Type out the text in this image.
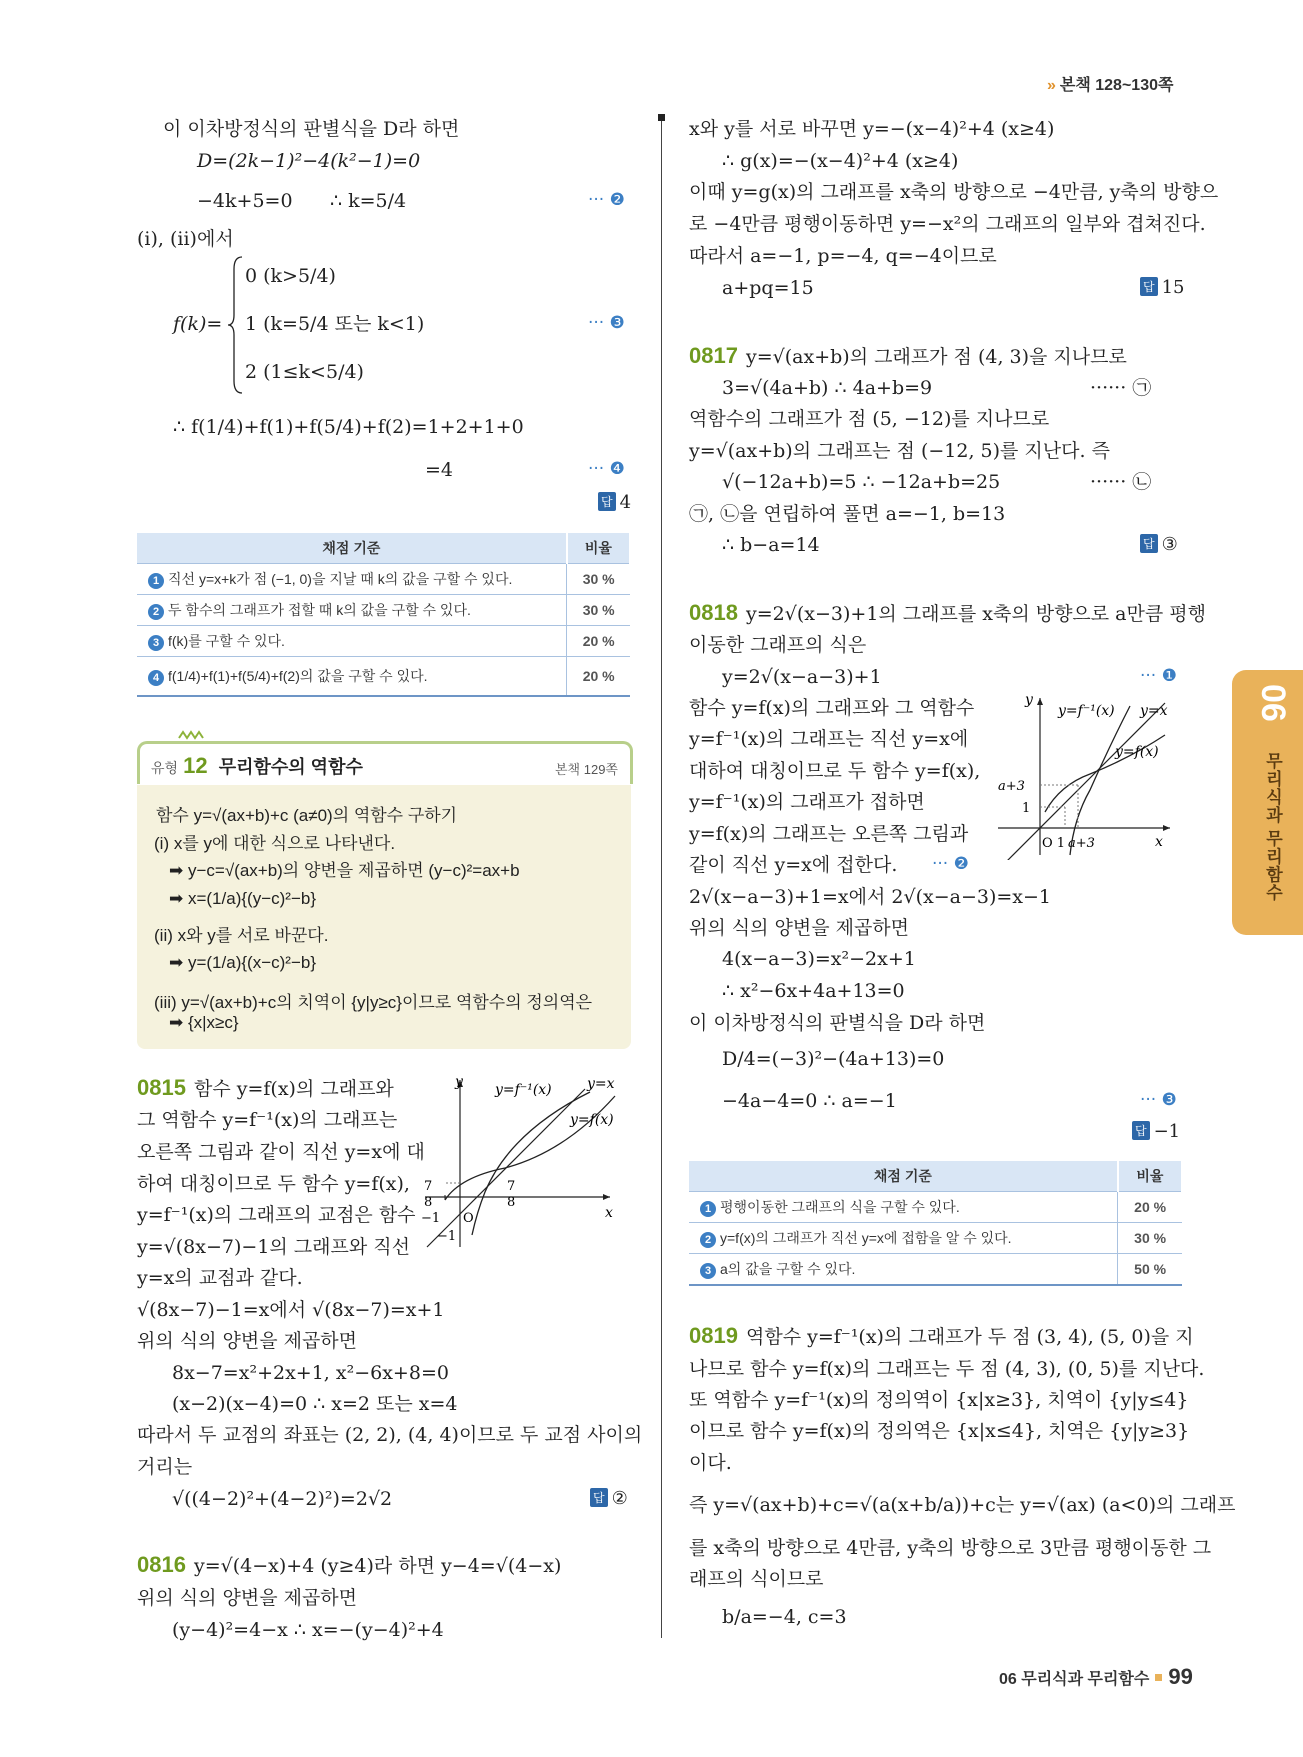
» 본책 128~130쪽
06
무리식과 무리함수
이 이차방정식의 판별식을 D라 하면
D=(2k−1)²−4(k²−1)=0
−4k+5=0 ∴ k=5/4	··· ❷
(i), (ii)에서
f(k)=
0 (k>5/4)
1 (k=5/4 또는 k<1)
2 (1≤k<5/4)
··· ❸
∴ f(1/4)+f(1)+f(5/4)+f(2)=1+2+1+0
=4	··· ❹
답 4
채점 기준	비율
1 직선 y=x+k가 점 (−1, 0)을 지날 때 k의 값을 구할 수 있다.	30 %
2 두 함수의 그래프가 접할 때 k의 값을 구할 수 있다.	30 %
3 f(k)를 구할 수 있다.	20 %
4 f(1/4)+f(1)+f(5/4)+f(2)의 값을 구할 수 있다.	20 %
유형 12 무리함수의 역함수	본책 129쪽
함수 y=√(ax+b)+c (a≠0)의 역함수 구하기
(i) x를 y에 대한 식으로 나타낸다.
➡ y−c=√(ax+b)의 양변을 제곱하면 (y−c)²=ax+b
➡ x=(1/a){(y−c)²−b}
(ii) x와 y를 서로 바꾼다.
➡ y=(1/a){(x−c)²−b}
(iii) y=√(ax+b)+c의 치역이 {y|y≥c}이므로 역함수의 정의역은
➡ {x|x≥c}
0815 함수 y=f(x)의 그래프와
그 역함수 y=f⁻¹(x)의 그래프는
오른쪽 그림과 같이 직선 y=x에 대
하여 대칭이므로 두 함수 y=f(x),
y=f⁻¹(x)의 그래프의 교점은 함수
y=√(8x−7)−1의 그래프와 직선
y=x의 교점과 같다.
√(8x−7)−1=x에서 √(8x−7)=x+1
위의 식의 양변을 제곱하면
8x−7=x²+2x+1, x²−6x+8=0
(x−2)(x−4)=0 ∴ x=2 또는 x=4
따라서 두 교점의 좌표는 (2, 2), (4, 4)이므로 두 교점 사이의
거리는
√((4−2)²+(4−2)²)=2√2	답 ②
y
x
y=f⁻¹(x)	y=x
y=f(x)
7
8
−1 O
7
8
−1
0816 y=√(4−x)+4 (y≥4)라 하면 y−4=√(4−x)
위의 식의 양변을 제곱하면
(y−4)²=4−x ∴ x=−(y−4)²+4
x와 y를 서로 바꾸면 y=−(x−4)²+4 (x≥4)
∴ g(x)=−(x−4)²+4 (x≥4)
이때 y=g(x)의 그래프를 x축의 방향으로 −4만큼, y축의 방향으
로 −4만큼 평행이동하면 y=−x²의 그래프의 일부와 겹쳐진다.
따라서 a=−1, p=−4, q=−4이므로
a+pq=15	답 15
0817 y=√(ax+b)의 그래프가 점 (4, 3)을 지나므로
3=√(4a+b) ∴ 4a+b=9	······ ㉠
역함수의 그래프가 점 (5, −12)를 지나므로
y=√(ax+b)의 그래프는 점 (−12, 5)를 지난다. 즉
√(−12a+b)=5 ∴ −12a+b=25	······ ㉡
㉠, ㉡을 연립하여 풀면 a=−1, b=13
∴ b−a=14	답 ③
0818 y=2√(x−3)+1의 그래프를 x축의 방향으로 a만큼 평행
이동한 그래프의 식은
y=2√(x−a−3)+1	··· ❶
함수 y=f(x)의 그래프와 그 역함수
y=f⁻¹(x)의 그래프는 직선 y=x에
대하여 대칭이므로 두 함수 y=f(x),
y=f⁻¹(x)의 그래프가 접하면
y=f(x)의 그래프는 오른쪽 그림과
같이 직선 y=x에 접한다. ··· ❷
y
x
y=f⁻¹(x) y=x
y=f(x)
a+3
1
O 1 a+3
2√(x−a−3)+1=x에서 2√(x−a−3)=x−1
위의 식의 양변을 제곱하면
4(x−a−3)=x²−2x+1
∴ x²−6x+4a+13=0
이 이차방정식의 판별식을 D라 하면
D/4=(−3)²−(4a+13)=0
−4a−4=0 ∴ a=−1	··· ❸
답 −1
채점 기준	비율
1 평행이동한 그래프의 식을 구할 수 있다.	20 %
2 y=f(x)의 그래프가 직선 y=x에 접함을 알 수 있다.	30 %
3 a의 값을 구할 수 있다.	50 %
0819 역함수 y=f⁻¹(x)의 그래프가 두 점 (3, 4), (5, 0)을 지
나므로 함수 y=f(x)의 그래프는 두 점 (4, 3), (0, 5)를 지난다.
또 역함수 y=f⁻¹(x)의 정의역이 {x|x≥3}, 치역이 {y|y≤4}
이므로 함수 y=f(x)의 정의역은 {x|x≤4}, 치역은 {y|y≥3}
이다.
즉 y=√(ax+b)+c=√(a(x+b/a))+c는 y=√(ax) (a<0)의 그래프
를 x축의 방향으로 4만큼, y축의 방향으로 3만큼 평행이동한 그
래프의 식이므로
b/a=−4, c=3
06 무리식과 무리함수 99
